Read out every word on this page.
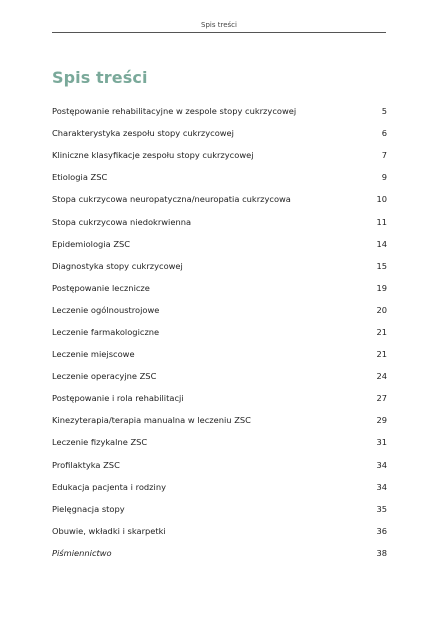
Spis treści
Spis treści
Postępowanie rehabilitacyjne w zespole stopy cukrzycowej	5
Charakterystyka zespołu stopy cukrzycowej	6
Kliniczne klasyfikacje zespołu stopy cukrzycowej	7
Etiologia ZSC	9
Stopa cukrzycowa neuropatyczna/neuropatia cukrzycowa	10
Stopa cukrzycowa niedokrwienna	11
Epidemiologia ZSC	14
Diagnostyka stopy cukrzycowej	15
Postępowanie lecznicze	19
Leczenie ogólnoustrojowe	20
Leczenie farmakologiczne	21
Leczenie miejscowe	21
Leczenie operacyjne ZSC	24
Postępowanie i rola rehabilitacji	27
Kinezyterapia/terapia manualna w leczeniu ZSC	29
Leczenie fizykalne ZSC	31
Profilaktyka ZSC	34
Edukacja pacjenta i rodziny	34
Pielęgnacja stopy	35
Obuwie, wkładki i skarpetki	36
Piśmiennictwo	38
